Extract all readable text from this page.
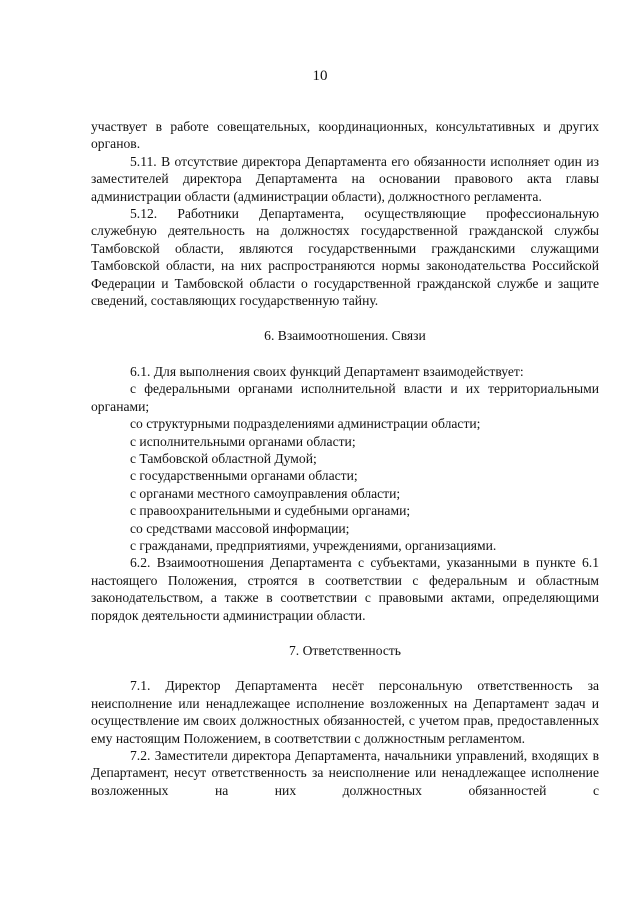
10

участвует в работе совещательных, координационных, консультативных и других органов.

5.11. В отсутствие директора Департамента его обязанности исполняет один из заместителей директора Департамента на основании правового акта главы администрации области (администрации области), должностного регламента.

5.12. Работники Департамента, осуществляющие профессиональную служебную деятельность на должностях государственной гражданской службы Тамбовской области, являются государственными гражданскими служащими Тамбовской области, на них распространяются нормы законодательства Российской Федерации и Тамбовской области о государственной гражданской службе и защите сведений, составляющих государственную тайну.

6. Взаимоотношения. Связи

6.1. Для выполнения своих функций Департамент взаимодействует:

с федеральными органами исполнительной власти и их территориальными органами;

со структурными подразделениями администрации области;

с исполнительными органами области;

с Тамбовской областной Думой;

с государственными органами области;

с органами местного самоуправления области;

с правоохранительными и судебными органами;

со средствами массовой информации;

с гражданами, предприятиями, учреждениями, организациями.

6.2. Взаимоотношения Департамента с субъектами, указанными в пункте 6.1 настоящего Положения, строятся в соответствии с федеральным и областным законодательством, а также в соответствии с правовыми актами, определяющими порядок деятельности администрации области.

7. Ответственность

7.1. Директор Департамента несёт персональную ответственность за неисполнение или ненадлежащее исполнение возложенных на Департамент задач и осуществление им своих должностных обязанностей, с учетом прав, предоставленных ему настоящим Положением, в соответствии с должностным регламентом.

7.2. Заместители директора Департамента, начальники управлений, входящих в Департамент, несут ответственность за неисполнение или ненадлежащее исполнение возложенных на них должностных обязанностей с
